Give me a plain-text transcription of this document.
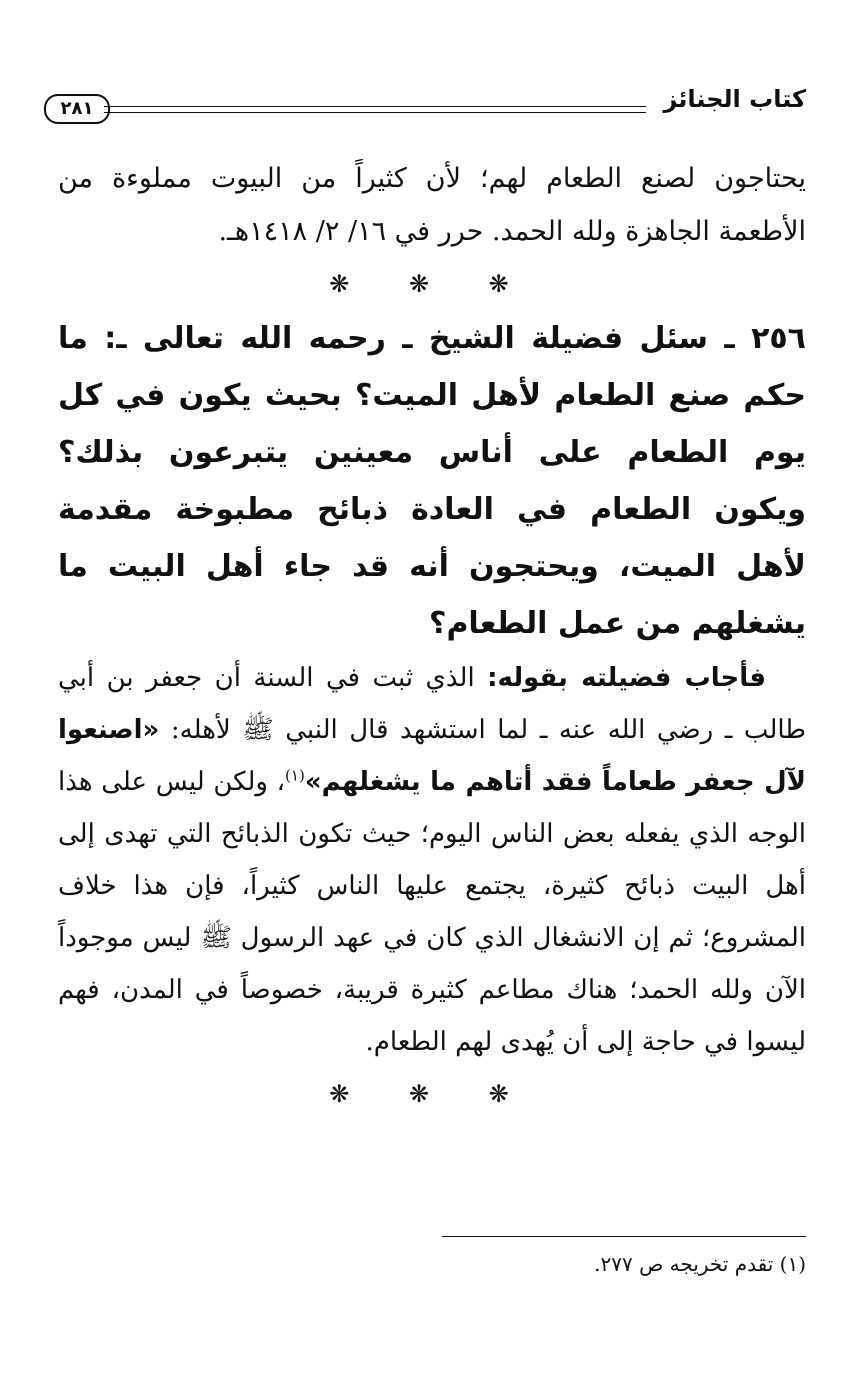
كتاب الجنائز
٢٨١

يحتاجون لصنع الطعام لهم؛ لأن كثيراً من البيوت مملوءة من الأطعمة الجاهزة ولله الحمد. حرر في ١٦/ ٢/ ١٤١٨هـ.

❋ ❋ ❋

٢٥٦ ـ سئل فضيلة الشيخ ـ رحمه الله تعالى ـ: ما حكم صنع الطعام لأهل الميت؟ بحيث يكون في كل يوم الطعام على أناس معينين يتبرعون بذلك؟ ويكون الطعام في العادة ذبائح مطبوخة مقدمة لأهل الميت، ويحتجون أنه قد جاء أهل البيت ما يشغلهم من عمل الطعام؟

فأجاب فضيلته بقوله: الذي ثبت في السنة أن جعفر بن أبي طالب ـ رضي الله عنه ـ لما استشهد قال النبي ﷺ لأهله: «اصنعوا لآل جعفر طعاماً فقد أتاهم ما يشغلهم»$^{(١)}$، ولكن ليس على هذا الوجه الذي يفعله بعض الناس اليوم؛ حيث تكون الذبائح التي تهدى إلى أهل البيت ذبائح كثيرة، يجتمع عليها الناس كثيراً، فإن هذا خلاف المشروع؛ ثم إن الانشغال الذي كان في عهد الرسول ﷺ ليس موجوداً الآن ولله الحمد؛ هناك مطاعم كثيرة قريبة، خصوصاً في المدن، فهم ليسوا في حاجة إلى أن يُهدى لهم الطعام.

❋ ❋ ❋
(١) تقدم تخريجه ص ٢٧٧.
